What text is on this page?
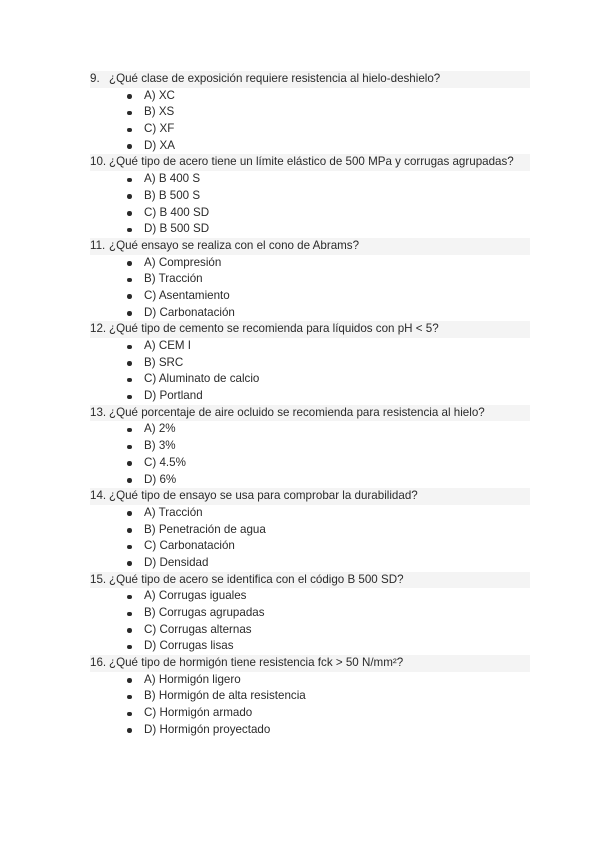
9. ¿Qué clase de exposición requiere resistencia al hielo-deshielo?
A) XC
B) XS
C) XF
D) XA
10. ¿Qué tipo de acero tiene un límite elástico de 500 MPa y corrugas agrupadas?
A) B 400 S
B) B 500 S
C) B 400 SD
D) B 500 SD
11. ¿Qué ensayo se realiza con el cono de Abrams?
A) Compresión
B) Tracción
C) Asentamiento
D) Carbonatación
12. ¿Qué tipo de cemento se recomienda para líquidos con pH < 5?
A) CEM I
B) SRC
C) Aluminato de calcio
D) Portland
13. ¿Qué porcentaje de aire ocluido se recomienda para resistencia al hielo?
A) 2%
B) 3%
C) 4.5%
D) 6%
14. ¿Qué tipo de ensayo se usa para comprobar la durabilidad?
A) Tracción
B) Penetración de agua
C) Carbonatación
D) Densidad
15. ¿Qué tipo de acero se identifica con el código B 500 SD?
A) Corrugas iguales
B) Corrugas agrupadas
C) Corrugas alternas
D) Corrugas lisas
16. ¿Qué tipo de hormigón tiene resistencia fck > 50 N/mm²?
A) Hormigón ligero
B) Hormigón de alta resistencia
C) Hormigón armado
D) Hormigón proyectado
